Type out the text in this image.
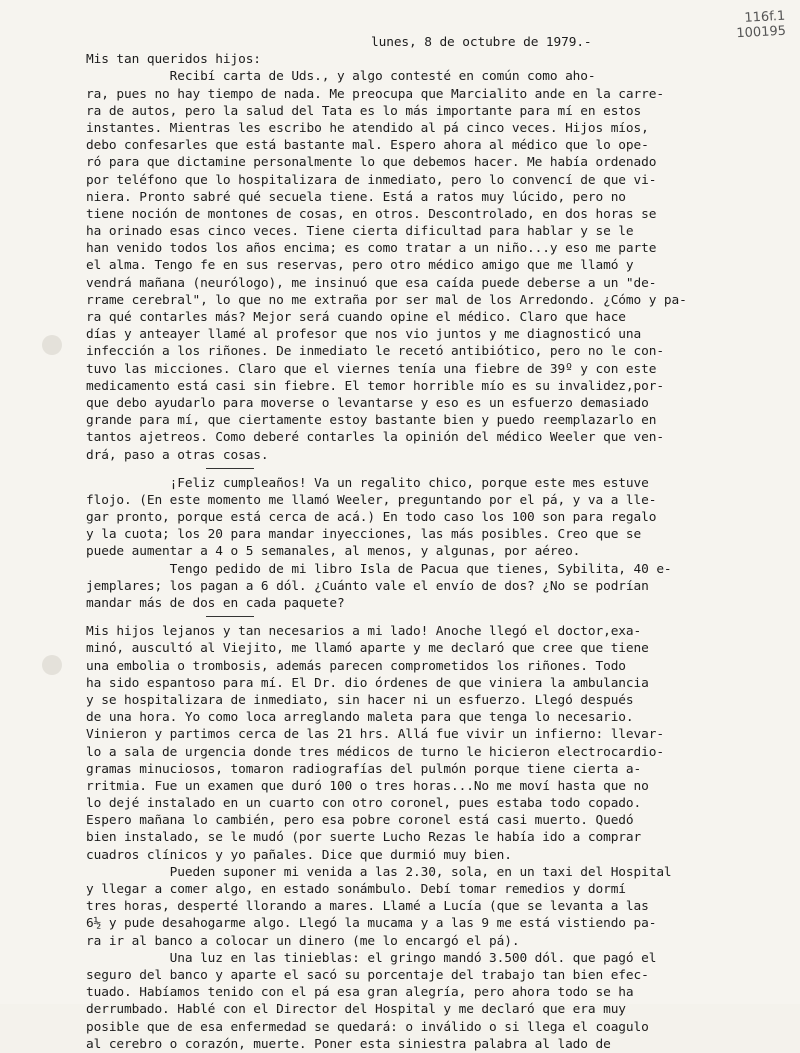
116f.1
100195
lunes, 8 de octubre de 1979.-
Mis tan queridos hijos:
Recibí carta de Uds., y algo contesté en común como aho-
ra, pues no hay tiempo de nada. Me preocupa que Marcialito ande en la carre-
ra de autos, pero la salud del Tata es lo más importante para mí en estos
instantes. Mientras les escribo he atendido al pá cinco veces. Hijos míos,
debo confesarles que está bastante mal. Espero ahora al médico que lo ope-
ró para que dictamine personalmente lo que debemos hacer. Me había ordenado
por teléfono que lo hospitalizara de inmediato, pero lo convencí de que vi-
niera. Pronto sabré qué secuela tiene. Está a ratos muy lúcido, pero no
tiene noción de montones de cosas, en otros. Descontrolado, en dos horas se
ha orinado esas cinco veces. Tiene cierta dificultad para hablar y se le
han venido todos los años encima; es como tratar a un niño...y eso me parte
el alma. Tengo fe en sus reservas, pero otro médico amigo que me llamó y
vendrá mañana (neurólogo), me insinuó que esa caída puede deberse a un "de-
rrame cerebral", lo que no me extraña por ser mal de los Arredondo. ¿Cómo y pa-
ra qué contarles más? Mejor será cuando opine el médico. Claro que hace
días y anteayer llamé al profesor que nos vio juntos y me diagnosticó una
infección a los riñones. De inmediato le recetó antibiótico, pero no le con-
tuvo las micciones. Claro que el viernes tenía una fiebre de 39º y con este
medicamento está casi sin fiebre. El temor horrible mío es su invalidez,por-
que debo ayudarlo para moverse o levantarse y eso es un esfuerzo demasiado
grande para mí, que ciertamente estoy bastante bien y puedo reemplazarlo en
tantos ajetreos. Como deberé contarles la opinión del médico Weeler que ven-
drá, paso a otras cosas.
¡Feliz cumpleaños! Va un regalito chico, porque este mes estuve
flojo. (En este momento me llamó Weeler, preguntando por el pá, y va a lle-
gar pronto, porque está cerca de acá.) En todo caso los 100 son para regalo
y la cuota; los 20 para mandar inyecciones, las más posibles. Creo que se
puede aumentar a 4 o 5 semanales, al menos, y algunas, por aéreo.
Tengo pedido de mi libro Isla de Pacua que tienes, Sybilita, 40 e-
jemplares; los pagan a 6 dól. ¿Cuánto vale el envío de dos? ¿No se podrían
mandar más de dos en cada paquete?
Mis hijos lejanos y tan necesarios a mi lado! Anoche llegó el doctor,exa-
minó, auscultó al Viejito, me llamó aparte y me declaró que cree que tiene
una embolia o trombosis, además parecen comprometidos los riñones. Todo
ha sido espantoso para mí. El Dr. dio órdenes de que viniera la ambulancia
y se hospitalizara de inmediato, sin hacer ni un esfuerzo. Llegó después
de una hora. Yo como loca arreglando maleta para que tenga lo necesario.
Vinieron y partimos cerca de las 21 hrs. Allá fue vivir un infierno: llevar-
lo a sala de urgencia donde tres médicos de turno le hicieron electrocardio-
gramas minuciosos, tomaron radiografías del pulmón porque tiene cierta a-
rritmia. Fue un examen que duró 100 o tres horas...No me moví hasta que no
lo dejé instalado en un cuarto con otro coronel, pues estaba todo copado.
Espero mañana lo cambién, pero esa pobre coronel está casi muerto. Quedó
bien instalado, se le mudó (por suerte Lucho Rezas le había ido a comprar
cuadros clínicos y yo pañales. Dice que durmió muy bien.
Pueden suponer mi venida a las 2.30, sola, en un taxi del Hospital
y llegar a comer algo, en estado sonámbulo. Debí tomar remedios y dormí
tres horas, desperté llorando a mares. Llamé a Lucía (que se levanta a las
6½ y pude desahogarme algo. Llegó la mucama y a las 9 me está vistiendo pa-
ra ir al banco a colocar un dinero (me lo encargó el pá).
Una luz en las tinieblas: el gringo mandó 3.500 dól. que pagó el
seguro del banco y aparte el sacó su porcentaje del trabajo tan bien efec-
tuado. Habíamos tenido con el pá esa gran alegría, pero ahora todo se ha
derrumbado. Hablé con el Director del Hospital y me declaró que era muy
posible que de esa enfermedad se quedará: o inválido o si llega el coagulo
al cerebro o corazón, muerte. Poner esta siniestra palabra al lado de
